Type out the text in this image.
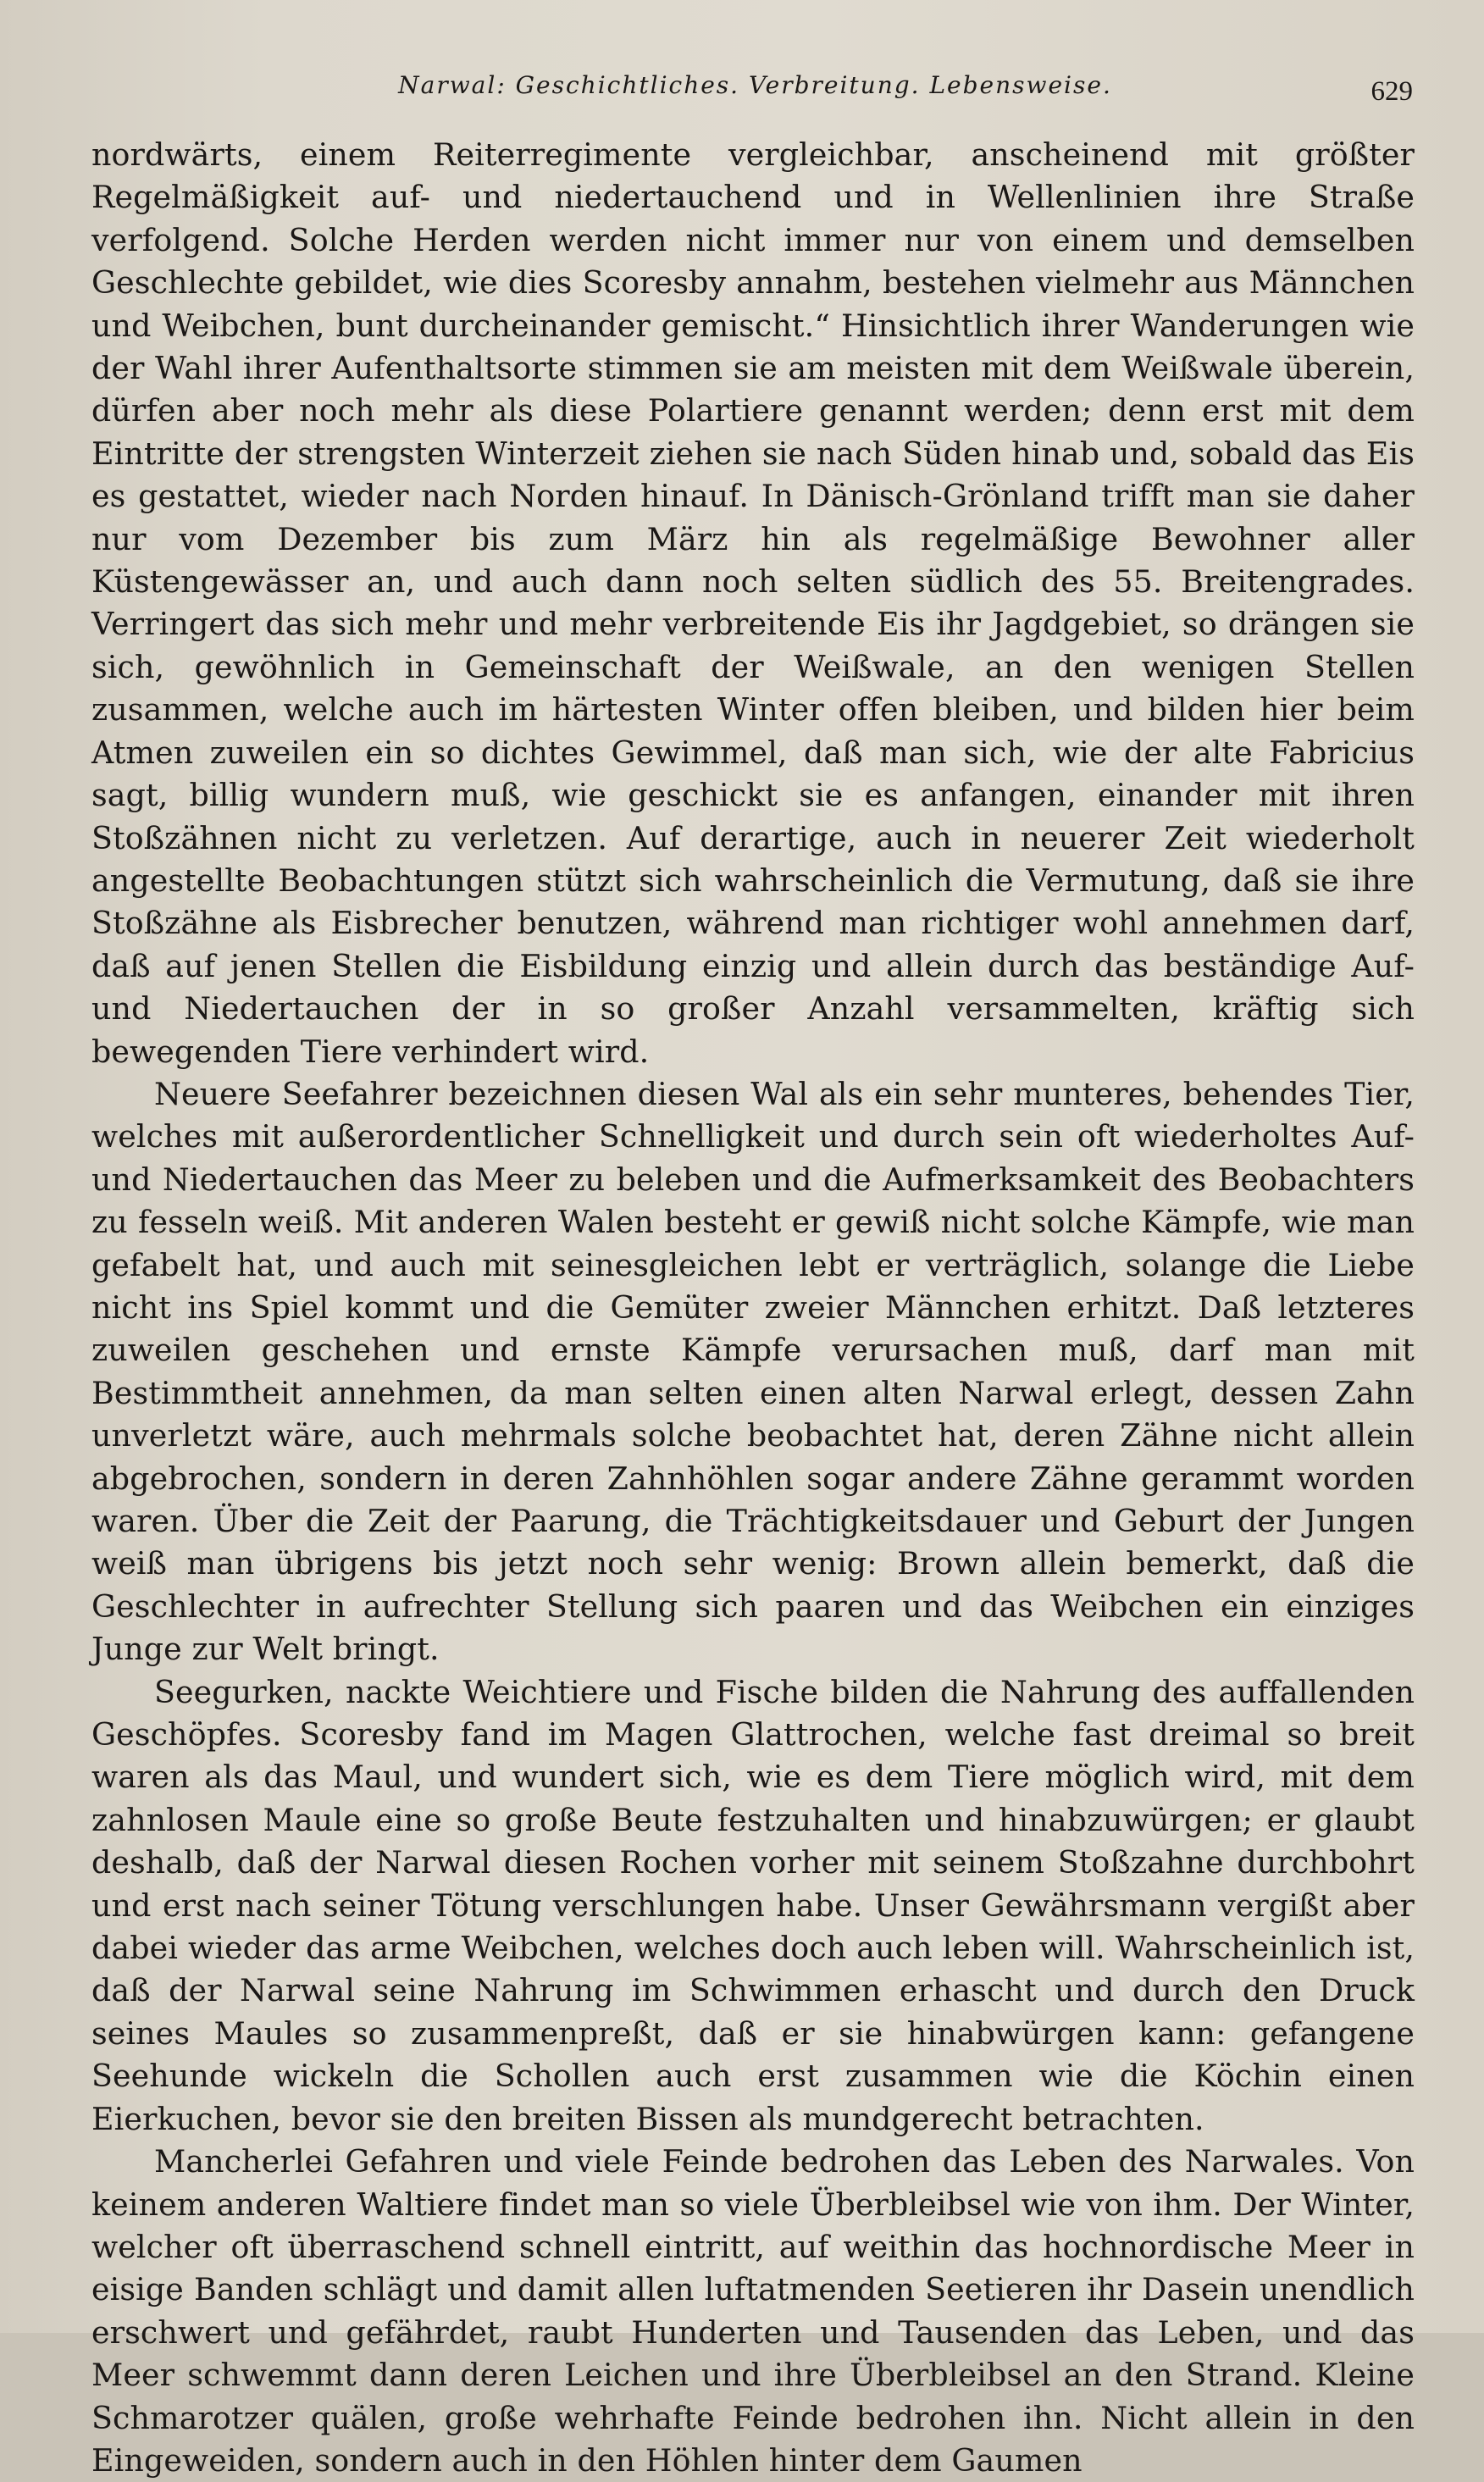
Narwal: Geschichtliches. Verbreitung. Lebensweise.	629

nordwärts, einem Reiterregimente vergleichbar, anscheinend mit größter Regelmäßigkeit auf- und niedertauchend und in Wellenlinien ihre Straße verfolgend. Solche Herden werden nicht immer nur von einem und demselben Geschlechte gebildet, wie dies Scoresby annahm, bestehen vielmehr aus Männchen und Weibchen, bunt durcheinander gemischt.“ Hinsichtlich ihrer Wanderungen wie der Wahl ihrer Aufenthaltsorte stimmen sie am meisten mit dem Weißwale überein, dürfen aber noch mehr als diese Polartiere genannt werden; denn erst mit dem Eintritte der strengsten Winterzeit ziehen sie nach Süden hinab und, sobald das Eis es gestattet, wieder nach Norden hinauf. In Dänisch-Grönland trifft man sie daher nur vom Dezember bis zum März hin als regelmäßige Bewohner aller Küstengewässer an, und auch dann noch selten südlich des 55. Breitengrades. Verringert das sich mehr und mehr verbreitende Eis ihr Jagdgebiet, so drängen sie sich, gewöhnlich in Gemeinschaft der Weißwale, an den wenigen Stellen zusammen, welche auch im härtesten Winter offen bleiben, und bilden hier beim Atmen zuweilen ein so dichtes Gewimmel, daß man sich, wie der alte Fabricius sagt, billig wundern muß, wie geschickt sie es anfangen, einander mit ihren Stoßzähnen nicht zu verletzen. Auf derartige, auch in neuerer Zeit wiederholt angestellte Beobachtungen stützt sich wahrscheinlich die Vermutung, daß sie ihre Stoßzähne als Eisbrecher benutzen, während man richtiger wohl annehmen darf, daß auf jenen Stellen die Eisbildung einzig und allein durch das beständige Auf- und Niedertauchen der in so großer Anzahl versammelten, kräftig sich bewegenden Tiere verhindert wird.

Neuere Seefahrer bezeichnen diesen Wal als ein sehr munteres, behendes Tier, welches mit außerordentlicher Schnelligkeit und durch sein oft wiederholtes Auf- und Niedertauchen das Meer zu beleben und die Aufmerksamkeit des Beobachters zu fesseln weiß. Mit anderen Walen besteht er gewiß nicht solche Kämpfe, wie man gefabelt hat, und auch mit seinesgleichen lebt er verträglich, solange die Liebe nicht ins Spiel kommt und die Gemüter zweier Männchen erhitzt. Daß letzteres zuweilen geschehen und ernste Kämpfe verursachen muß, darf man mit Bestimmtheit annehmen, da man selten einen alten Narwal erlegt, dessen Zahn unverletzt wäre, auch mehrmals solche beobachtet hat, deren Zähne nicht allein abgebrochen, sondern in deren Zahnhöhlen sogar andere Zähne gerammt worden waren. Über die Zeit der Paarung, die Trächtigkeitsdauer und Geburt der Jungen weiß man übrigens bis jetzt noch sehr wenig: Brown allein bemerkt, daß die Geschlechter in aufrechter Stellung sich paaren und das Weibchen ein einziges Junge zur Welt bringt.

Seegurken, nackte Weichtiere und Fische bilden die Nahrung des auffallenden Geschöpfes. Scoresby fand im Magen Glattrochen, welche fast dreimal so breit waren als das Maul, und wundert sich, wie es dem Tiere möglich wird, mit dem zahnlosen Maule eine so große Beute festzuhalten und hinabzuwürgen; er glaubt deshalb, daß der Narwal diesen Rochen vorher mit seinem Stoßzahne durchbohrt und erst nach seiner Tötung verschlungen habe. Unser Gewährsmann vergißt aber dabei wieder das arme Weibchen, welches doch auch leben will. Wahrscheinlich ist, daß der Narwal seine Nahrung im Schwimmen erhascht und durch den Druck seines Maules so zusammenpreßt, daß er sie hinabwürgen kann: gefangene Seehunde wickeln die Schollen auch erst zusammen wie die Köchin einen Eierkuchen, bevor sie den breiten Bissen als mundgerecht betrachten.

Mancherlei Gefahren und viele Feinde bedrohen das Leben des Narwales. Von keinem anderen Waltiere findet man so viele Überbleibsel wie von ihm. Der Winter, welcher oft überraschend schnell eintritt, auf weithin das hochnordische Meer in eisige Banden schlägt und damit allen luftatmenden Seetieren ihr Dasein unendlich erschwert und gefährdet, raubt Hunderten und Tausenden das Leben, und das Meer schwemmt dann deren Leichen und ihre Überbleibsel an den Strand. Kleine Schmarotzer quälen, große wehrhafte Feinde bedrohen ihn. Nicht allein in den Eingeweiden, sondern auch in den Höhlen hinter dem Gaumen
